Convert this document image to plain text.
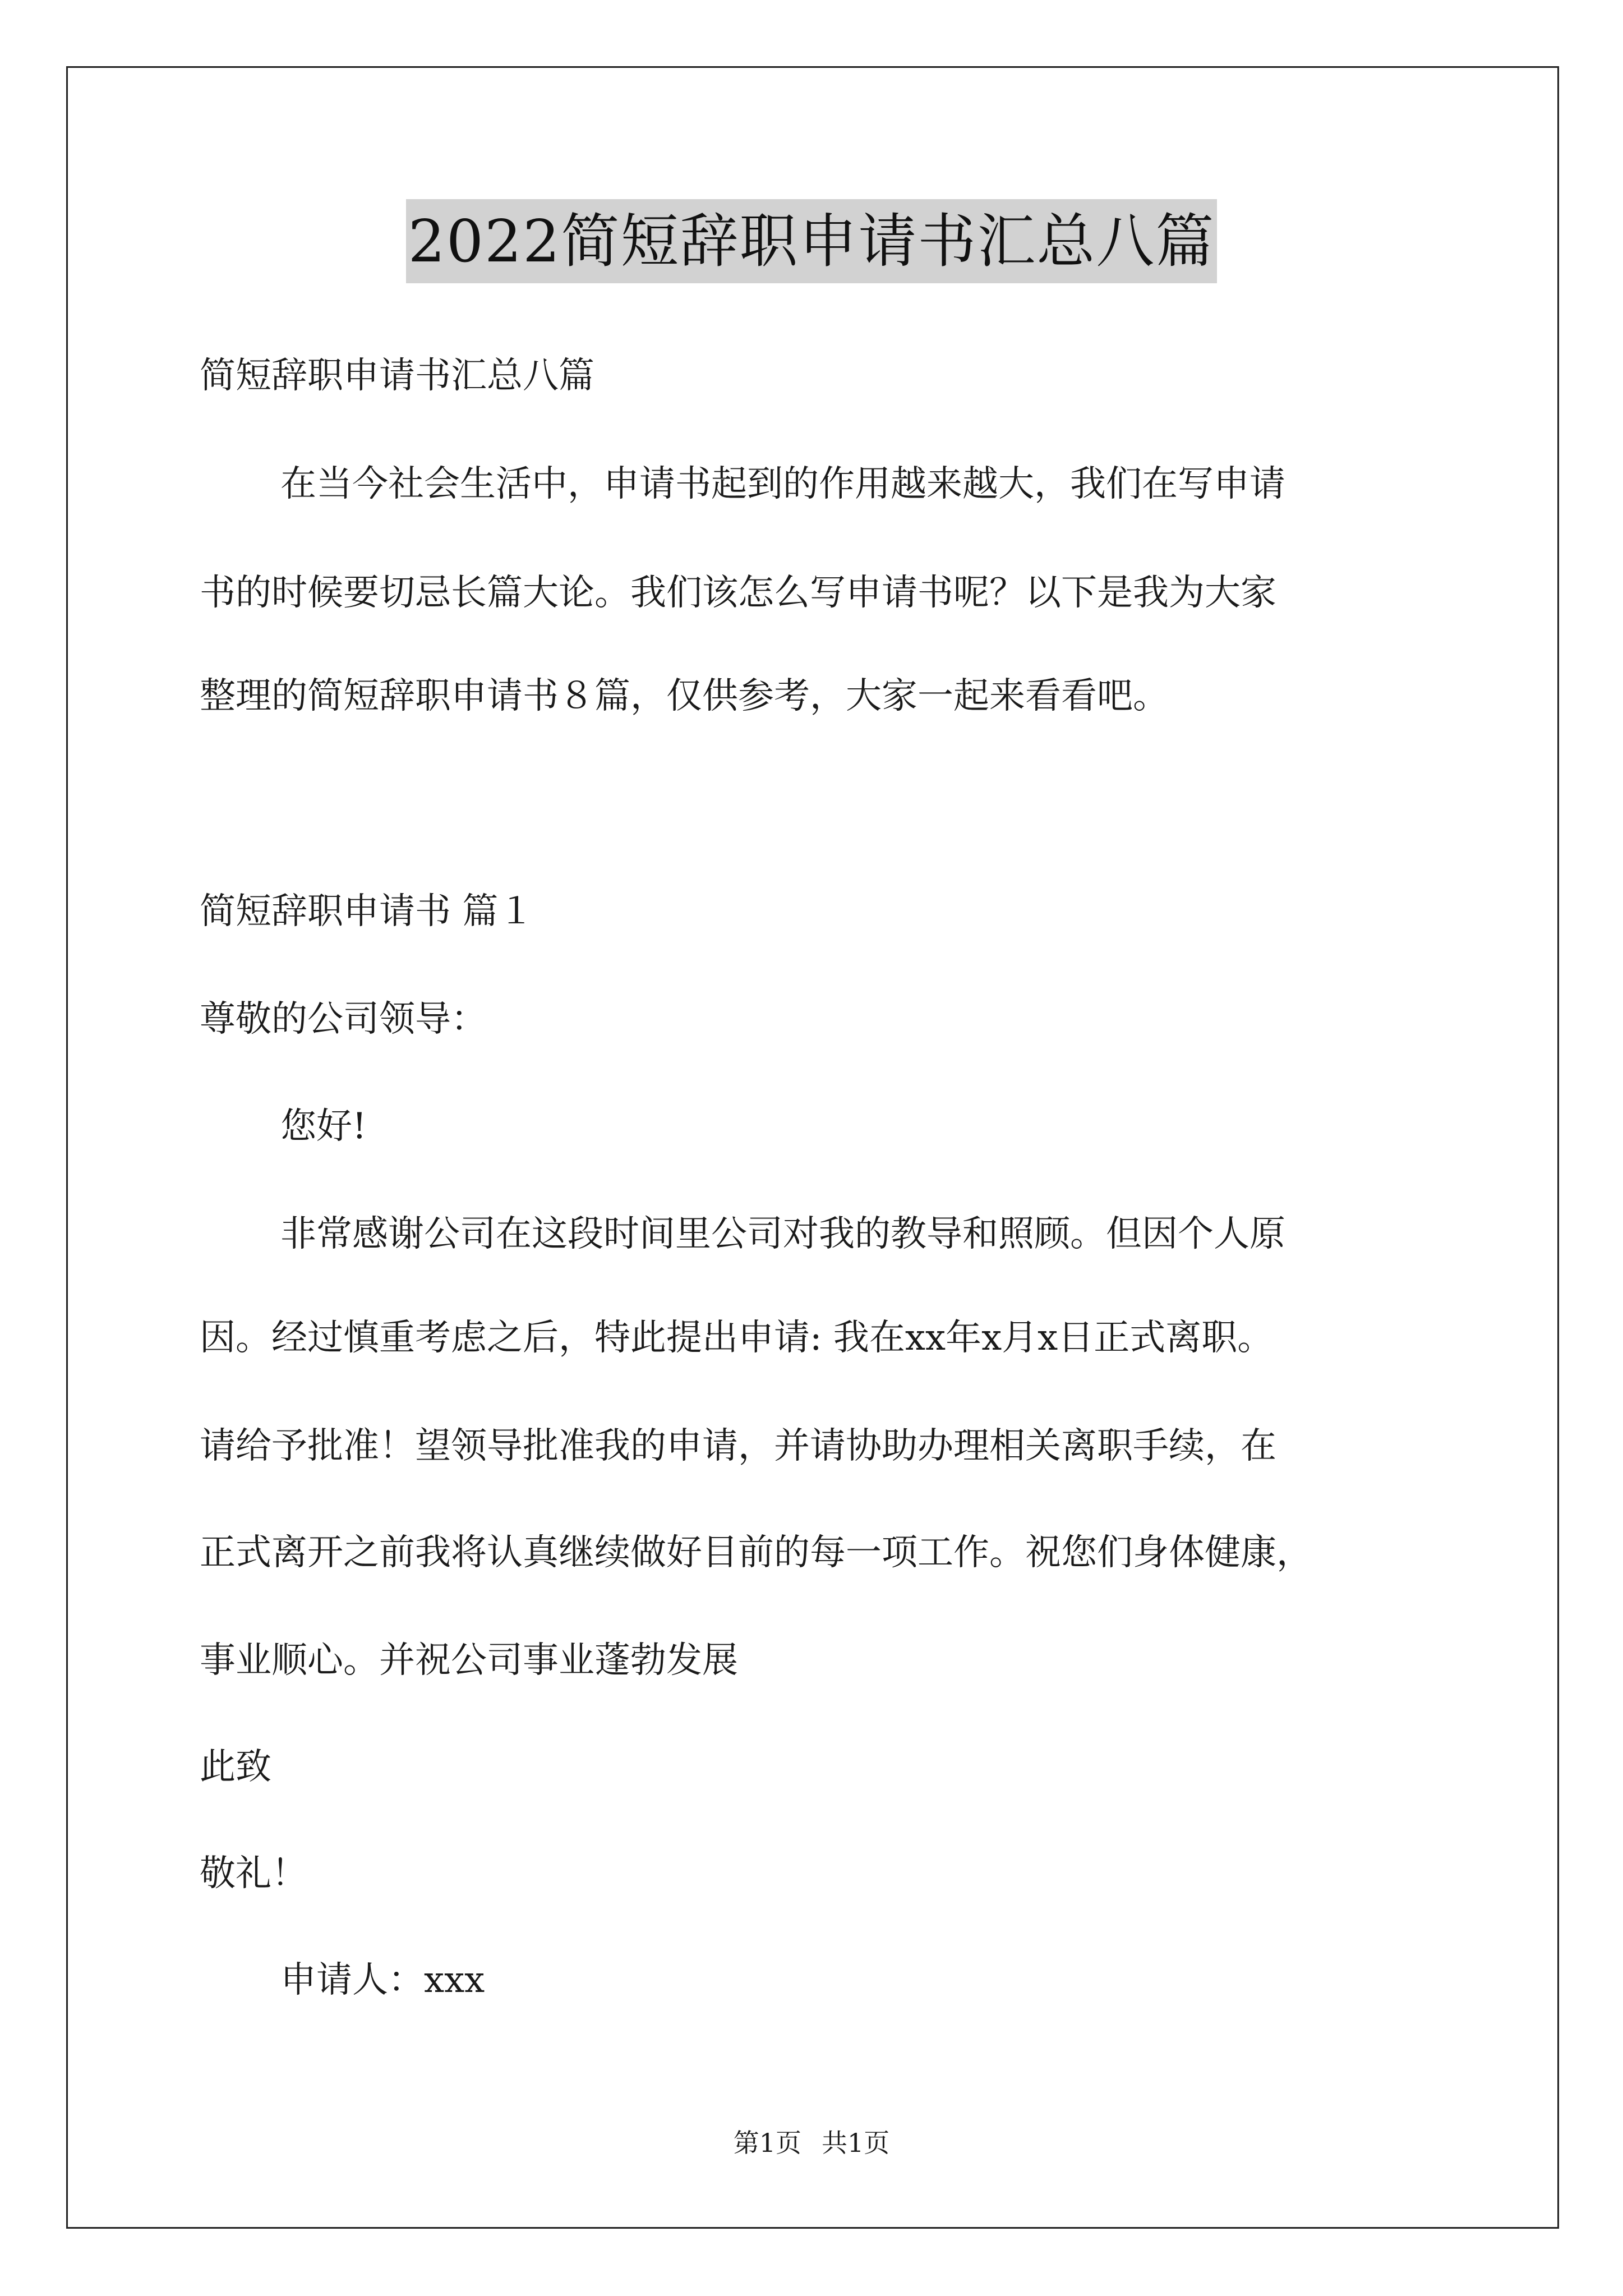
2022简短辞职申请书汇总八篇
简短辞职申请书汇总八篇
在当今社会生活中，申请书起到的作用越来越大，我们在写申请
书的时候要切忌长篇大论。我们该怎么写申请书呢？以下是我为大家
整理的简短辞职申请书８篇，仅供参考，大家一起来看看吧。
简短辞职申请书 篇１
尊敬的公司领导：
您好!
非常感谢公司在这段时间里公司对我的教导和照顾。但因个人原
因。经过慎重考虑之后，特此提出申请: 我在xx年x月x日正式离职。
请给予批准！望领导批准我的申请，并请协助办理相关离职手续，在
正式离开之前我将认真继续做好目前的每一项工作。祝您们身体健康，
事业顺心。并祝公司事业蓬勃发展
此致
敬礼！
申请人：xxx
第1页 共1页
